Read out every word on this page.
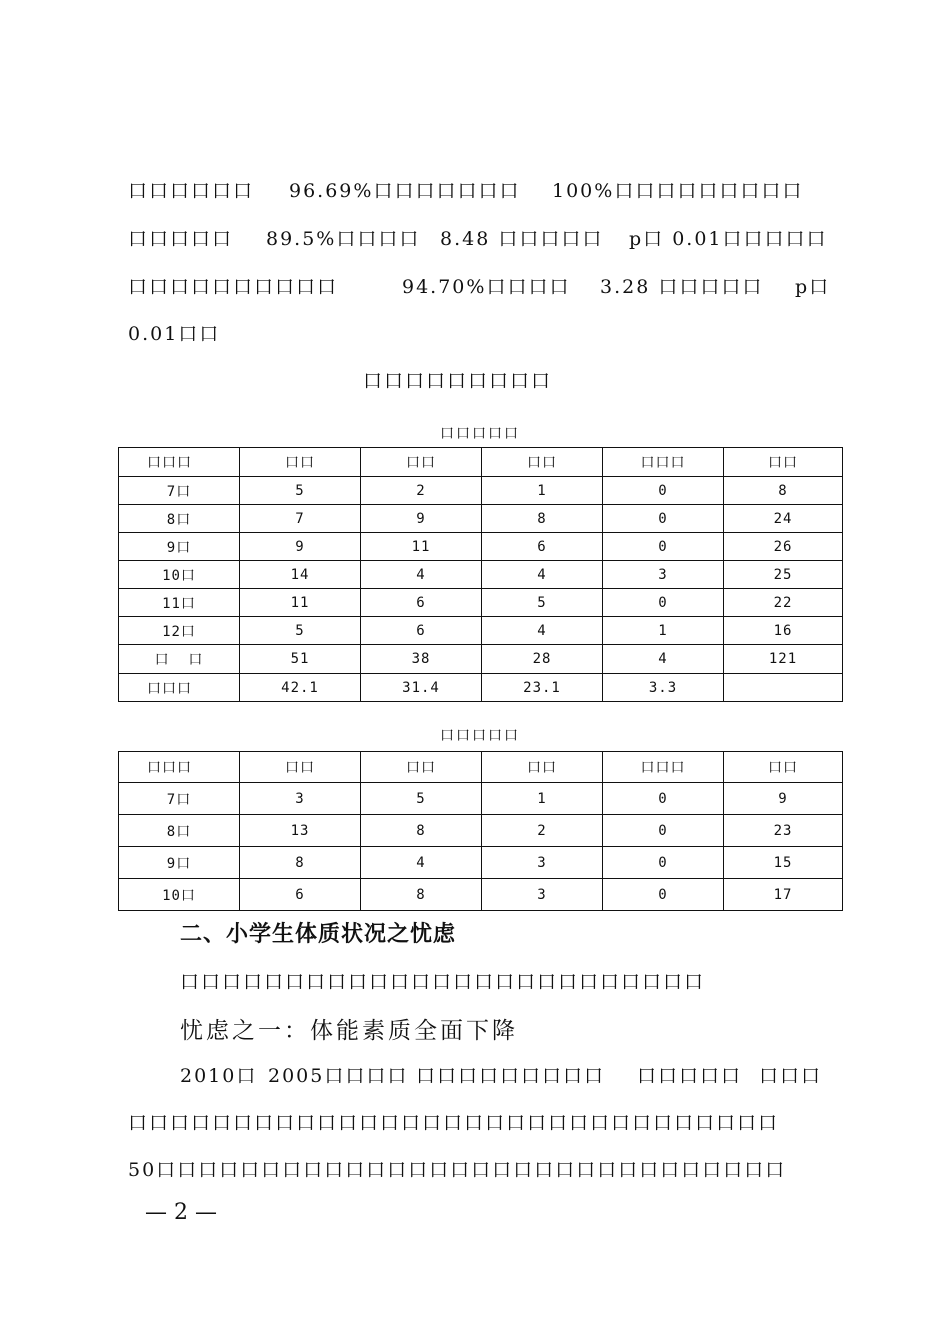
口口口口口口 96.69%口口口口口口口 100%口口口口口口口口口
口口口口口 89.5%口口口口 8.48 口口口口口 p口 0.01口口口口口
口口口口口口口口口口	94.70%口口口口 3.28 口口口口口 p口
0.01口口
口口口口口口口口口
口口口口口
口口口	口口	口口	口口	口口口	口口
7口	5	2	1	0	8
8口	7	9	8	0	24
9口	9	11	6	0	26
10口	14	4	4	3	25
11口	11	6	5	0	22
12口	5	6	4	1	16
口  口	51	38	28	4	121
口口口	42.1	31.4	23.1	3.3	
口口口口口
口口口	口口	口口	口口	口口口	口口
7口	3	5	1	0	9
8口	13	8	2	0	23
9口	8	4	3	0	15
10口	6	8	3	0	17
二、小学生体质状况之忧虑
口口口口口口口口口口口口口口口口口口口口口口口口口
忧虑之一：体能素质全面下降
2010口 2005口口口口 口口口口口口口口口 口口口口口 口口口
口口口口口口口口口口口口口口口口口口口口口口口口口口口口口口口
50口口口口口口口口口口口口口口口口口口口口口口口口口口口口口口
— 2 —
